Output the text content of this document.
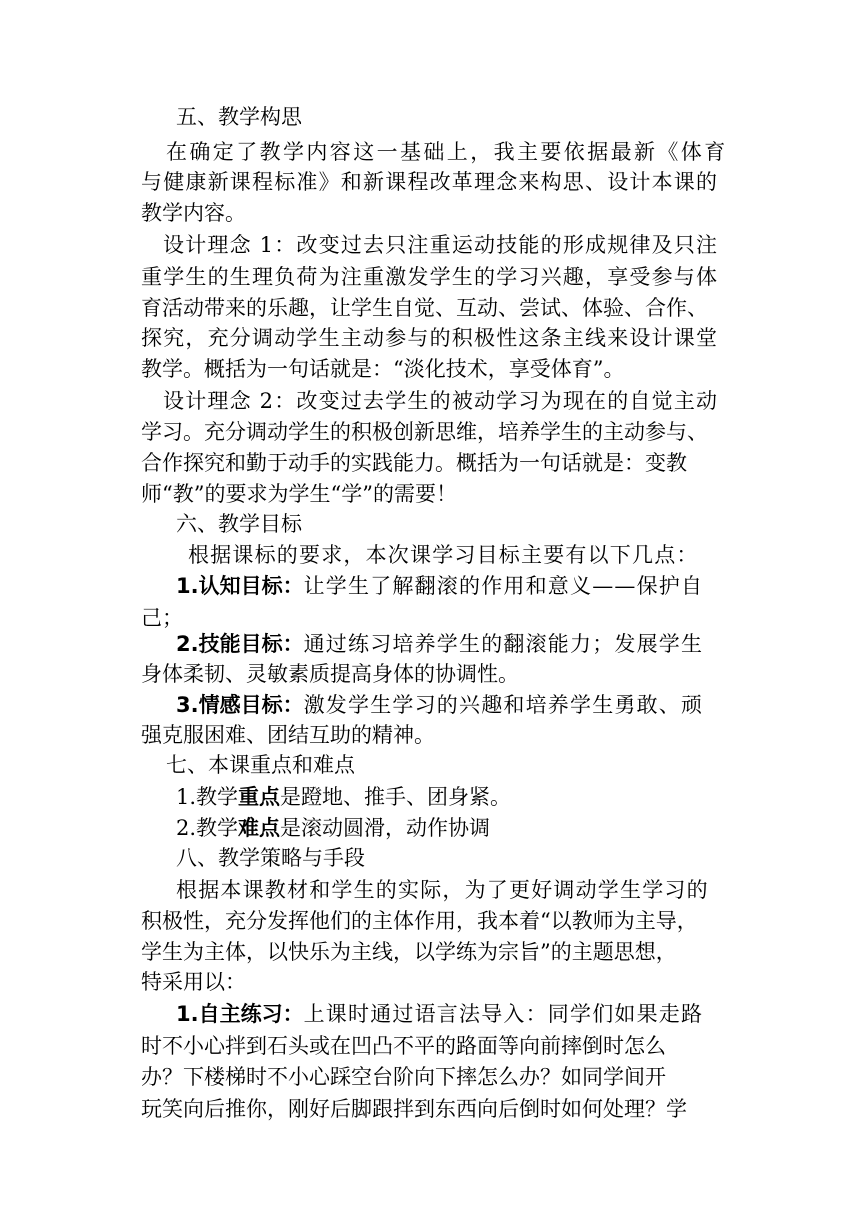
五、教学构思
在确定了教学内容这一基础上，我主要依据最新《体育
与健康新课程标准》和新课程改革理念来构思、设计本课的
教学内容。
设计理念 1：改变过去只注重运动技能的形成规律及只注
重学生的生理负荷为注重激发学生的学习兴趣，享受参与体
育活动带来的乐趣，让学生自觉、互动、尝试、体验、合作、
探究，充分调动学生主动参与的积极性这条主线来设计课堂
教学。概括为一句话就是：“淡化技术，享受体育”。
设计理念 2：改变过去学生的被动学习为现在的自觉主动
学习。充分调动学生的积极创新思维，培养学生的主动参与、
合作探究和勤于动手的实践能力。概括为一句话就是：变教
师“教”的要求为学生“学”的需要！
六、教学目标
根据课标的要求，本次课学习目标主要有以下几点：
1.认知目标：让学生了解翻滚的作用和意义——保护自
己；
2.技能目标：通过练习培养学生的翻滚能力；发展学生
身体柔韧、灵敏素质提高身体的协调性。
3.情感目标：激发学生学习的兴趣和培养学生勇敢、顽
强克服困难、团结互助的精神。
七、本课重点和难点
1.教学重点是蹬地、推手、团身紧。
2.教学难点是滚动圆滑，动作协调
八、教学策略与手段
根据本课教材和学生的实际，为了更好调动学生学习的
积极性，充分发挥他们的主体作用，我本着“以教师为主导，
学生为主体，以快乐为主线，以学练为宗旨”的主题思想，
特采用以：
1.自主练习：上课时通过语言法导入：同学们如果走路
时不小心拌到石头或在凹凸不平的路面等向前摔倒时怎么
办？下楼梯时不小心踩空台阶向下摔怎么办？如同学间开
玩笑向后推你，刚好后脚跟拌到东西向后倒时如何处理？学
